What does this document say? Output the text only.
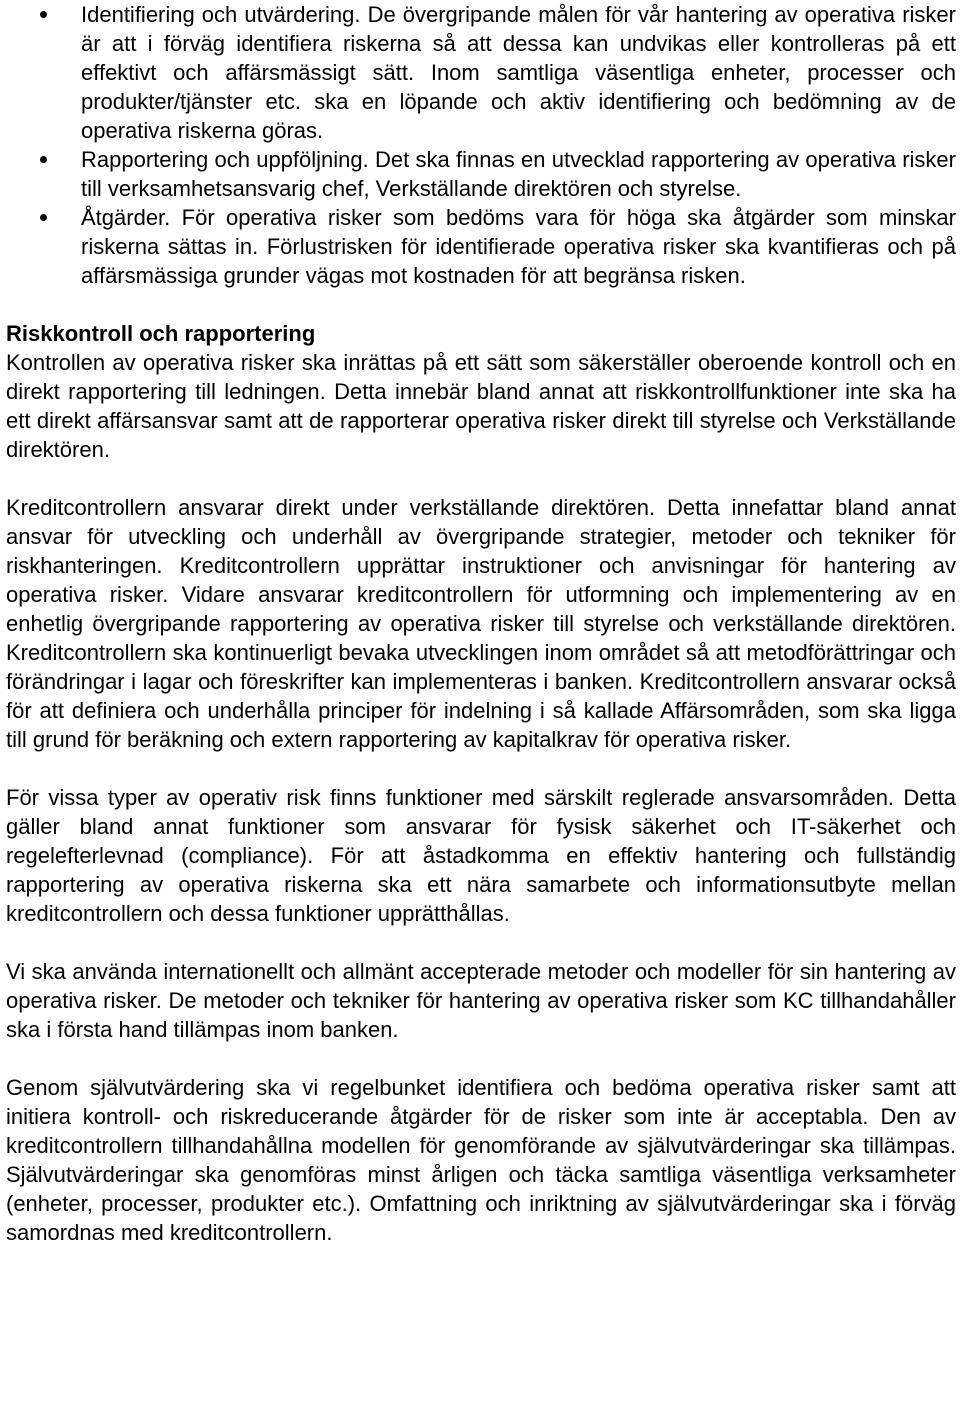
Identifiering och utvärdering. De övergripande målen för vår hantering av operativa risker är att i förväg identifiera riskerna så att dessa kan undvikas eller kontrolleras på ett effektivt och affärsmässigt sätt. Inom samtliga väsentliga enheter, processer och produkter/tjänster etc. ska en löpande och aktiv identifiering och bedömning av de operativa riskerna göras.
Rapportering och uppföljning. Det ska finnas en utvecklad rapportering av operativa risker till verksamhetsansvarig chef, Verkställande direktören och styrelse.
Åtgärder. För operativa risker som bedöms vara för höga ska åtgärder som minskar riskerna sättas in. Förlustrisken för identifierade operativa risker ska kvantifieras och på affärsmässiga grunder vägas mot kostnaden för att begränsa risken.

Riskkontroll och rapportering

Kontrollen av operativa risker ska inrättas på ett sätt som säkerställer oberoende kontroll och en direkt rapportering till ledningen. Detta innebär bland annat att riskkontrollfunktioner inte ska ha ett direkt affärsansvar samt att de rapporterar operativa risker direkt till styrelse och Verkställande direktören.

Kreditcontrollern ansvarar direkt under verkställande direktören. Detta innefattar bland annat ansvar för utveckling och underhåll av övergripande strategier, metoder och tekniker för riskhanteringen. Kreditcontrollern upprättar instruktioner och anvisningar för hantering av operativa risker. Vidare ansvarar kreditcontrollern för utformning och implementering av en enhetlig övergripande rapportering av operativa risker till styrelse och verkställande direktören. Kreditcontrollern ska kontinuerligt bevaka utvecklingen inom området så att metodförättringar och förändringar i lagar och föreskrifter kan implementeras i banken. Kreditcontrollern ansvarar också för att definiera och underhålla principer för indelning i så kallade Affärsområden, som ska ligga till grund för beräkning och extern rapportering av kapitalkrav för operativa risker.

För vissa typer av operativ risk finns funktioner med särskilt reglerade ansvarsområden. Detta gäller bland annat funktioner som ansvarar för fysisk säkerhet och IT-säkerhet och regelefterlevnad (compliance). För att åstadkomma en effektiv hantering och fullständig rapportering av operativa riskerna ska ett nära samarbete och informationsutbyte mellan kreditcontrollern och dessa funktioner upprätthållas.

Vi ska använda internationellt och allmänt accepterade metoder och modeller för sin hantering av operativa risker. De metoder och tekniker för hantering av operativa risker som KC tillhandahåller ska i första hand tillämpas inom banken.

Genom självutvärdering ska vi regelbunket identifiera och bedöma operativa risker samt att initiera kontroll- och riskreducerande åtgärder för de risker som inte är acceptabla. Den av kreditcontrollern tillhandahållna modellen för genomförande av självutvärderingar ska tillämpas. Självutvärderingar ska genomföras minst årligen och täcka samtliga väsentliga verksamheter (enheter, processer, produkter etc.). Omfattning och inriktning av självutvärderingar ska i förväg samordnas med kreditcontrollern.
